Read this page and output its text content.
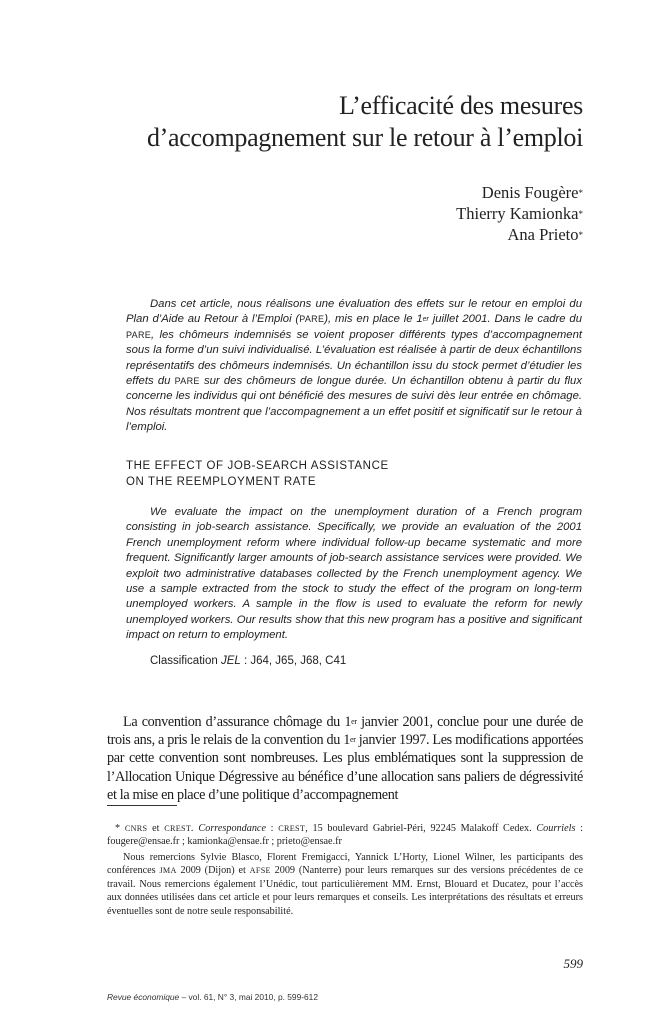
L’efficacité des mesures
d’accompagnement sur le retour à l’emploi
Denis Fougère*
Thierry Kamionka*
Ana Prieto*

Dans cet article, nous réalisons une évaluation des effets sur le retour en emploi du Plan d’Aide au Retour à l’Emploi (PARE), mis en place le 1er juillet 2001. Dans le cadre du PARE, les chômeurs indemnisés se voient proposer différents types d’accompagnement sous la forme d’un suivi individualisé. L’évaluation est réalisée à partir de deux échantillons représentatifs des chômeurs indemnisés. Un échantillon issu du stock permet d’étudier les effets du PARE sur des chômeurs de longue durée. Un échantillon obtenu à partir du flux concerne les individus qui ont bénéficié des mesures de suivi dès leur entrée en chômage. Nos résultats montrent que l’accompagnement a un effet positif et significatif sur le retour à l’emploi.

THE EFFECT OF JOB-SEARCH ASSISTANCE
ON THE REEMPLOYMENT RATE

We evaluate the impact on the unemployment duration of a French program consisting in job-search assistance. Specifically, we provide an evaluation of the 2001 French unemployment reform where individual follow-up became systematic and more frequent. Significantly larger amounts of job-search assistance services were provided. We exploit two administrative databases collected by the French unemployment agency. We use a sample extracted from the stock to study the effect of the program on long-term unemployed workers. A sample in the flow is used to evaluate the reform for newly unemployed workers. Our results show that this new program has a positive and significant impact on return to employment.

Classification JEL : J64, J65, J68, C41

La convention d’assurance chômage du 1er janvier 2001, conclue pour une durée de trois ans, a pris le relais de la convention du 1er janvier 1997. Les modifications apportées par cette convention sont nombreuses. Les plus emblématiques sont la suppression de l’Allocation Unique Dégressive au bénéfice d’une allocation sans paliers de dégressivité et la mise en place d’une politique d’accompagnement

* CNRS et CREST. Correspondance : CREST, 15 boulevard Gabriel-Péri, 92245 Malakoff Cedex. Courriels : fougere@ensae.fr ; kamionka@ensae.fr ; prieto@ensae.fr

Nous remercions Sylvie Blasco, Florent Fremigacci, Yannick L’Horty, Lionel Wilner, les participants des conférences JMA 2009 (Dijon) et AFSE 2009 (Nanterre) pour leurs remarques sur des versions précédentes de ce travail. Nous remercions également l’Unédic, tout particulièrement MM. Ernst, Blouard et Ducatez, pour l’accès aux données utilisées dans cet article et pour leurs remarques et conseils. Les interprétations des résultats et erreurs éventuelles sont de notre seule responsabilité.

599
Revue économique – vol. 61, N° 3, mai 2010, p. 599-612
